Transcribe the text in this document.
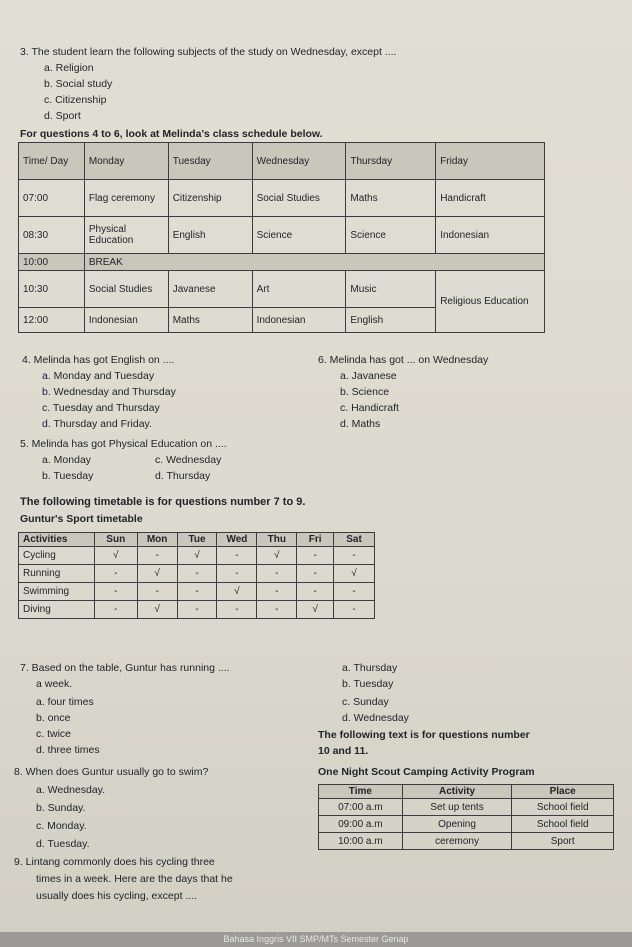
3. The student learn the following subjects of the study on Wednesday, except ....
a. Religion
b. Social study
c. Citizenship
d. Sport
For questions 4 to 6, look at Melinda's class schedule below.
Time/ Day	Monday	Tuesday	Wednesday	Thursday	Friday
07:00	Flag ceremony	Citizenship	Social Studies	Maths	Handicraft
08:30	Physical Education	English	Science	Science	Indonesian
10:00	BREAK				
10:30	Social Studies	Javanese	Art	Music	Religious Education
12:00	Indonesian	Maths	Indonesian	English	
4. Melinda has got English on ....
a. Monday and Tuesday
b. Wednesday and Thursday
c. Tuesday and Thursday
d. Thursday and Friday.
6. Melinda has got ... on Wednesday
a. Javanese
b. Science
c. Handicraft
d. Maths
5. Melinda has got Physical Education on ....
a. Monday
b. Tuesday
c. Wednesday
d. Thursday
The following timetable is for questions number 7 to 9.
Guntur's Sport timetable
Activities	Sun	Mon	Tue	Wed	Thu	Fri	Sat
Cycling	√	-	√	-	√	-	-
Running	-	√	-	-	-	-	√
Swimming	-	-	-	√	-	-	-
Diving	-	√	-	-	-	√	-
7. Based on the table, Guntur has running ....
a week.
a. four times
b. once
c. twice
d. three times
a. Thursday
b. Tuesday
c. Sunday
d. Wednesday
The following text is for questions number
10 and 11.
8. When does Guntur usually go to swim?
a. Wednesday.
b. Sunday.
c. Monday.
d. Tuesday.
One Night Scout Camping Activity Program
Time	Activity	Place
07:00 a.m	Set up tents	School field
09:00 a.m	Opening	School field
10:00 a.m	ceremony	Sport
9. Lintang commonly does his cycling three
times in a week. Here are the days that he
usually does his cycling, except ....
Bahasa Inggris VII SMP/MTs Semester Genap
